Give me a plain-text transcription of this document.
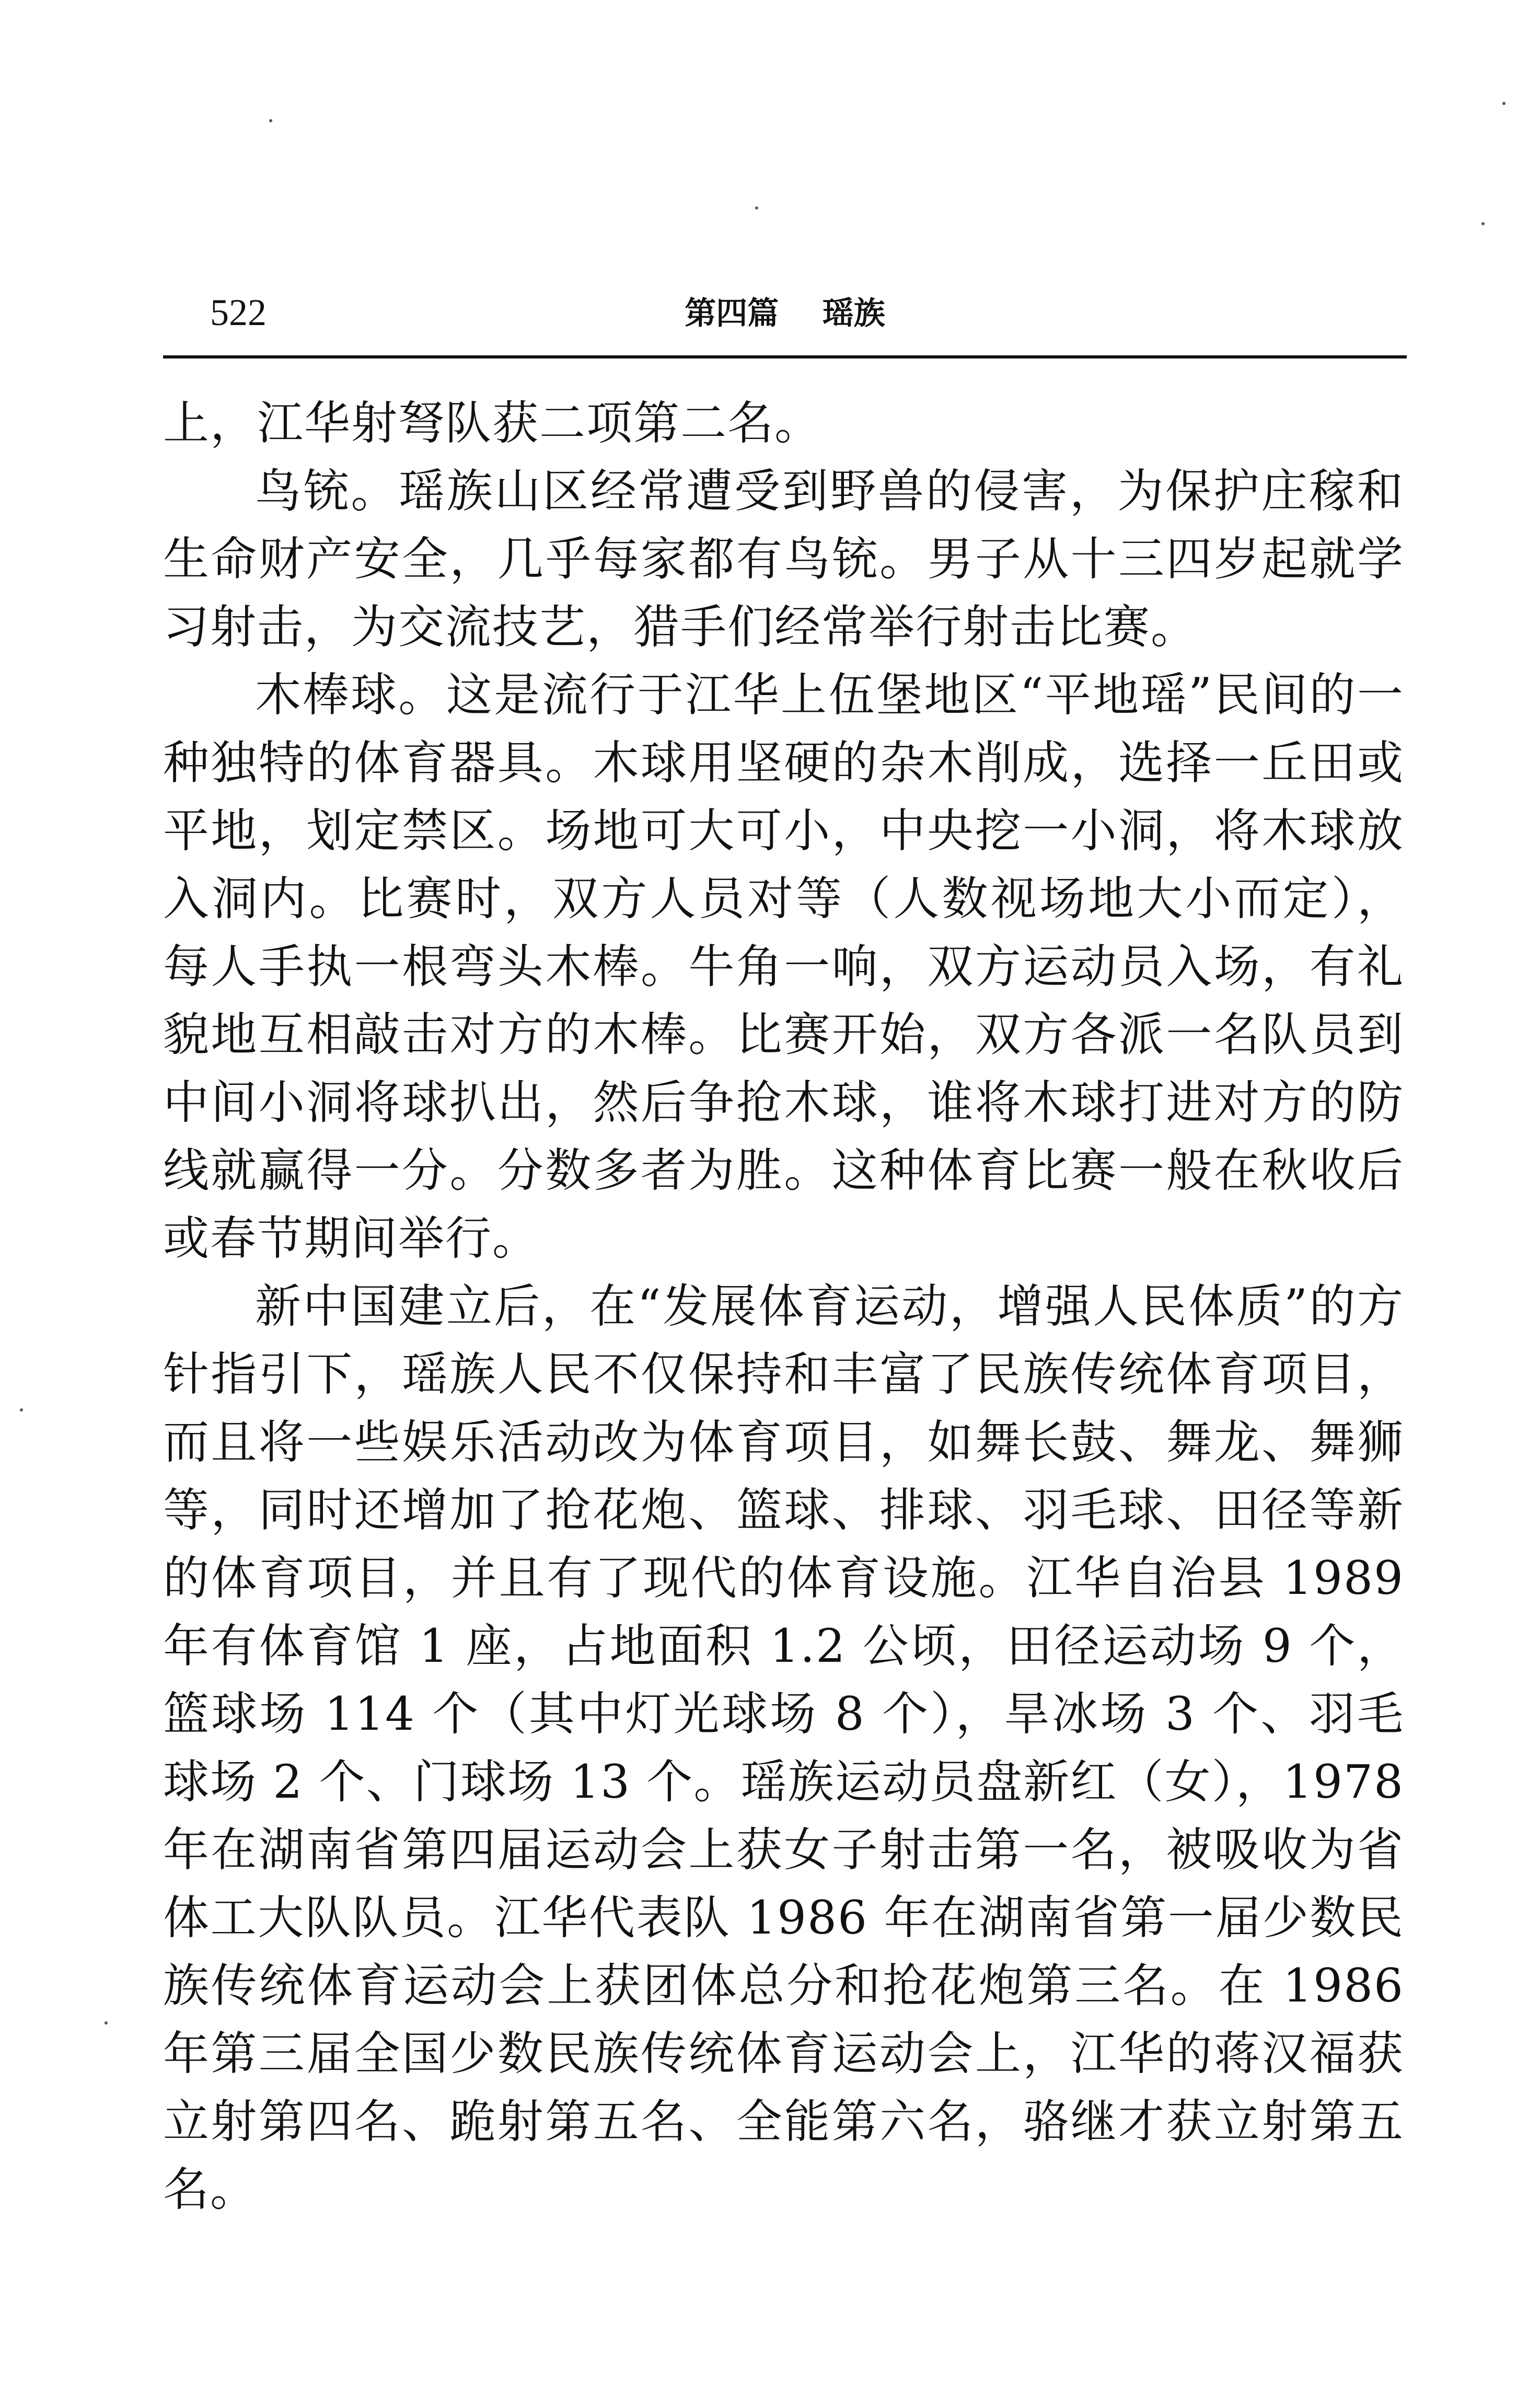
522	第四篇    瑶族

上，江华射弩队获二项第二名。

鸟铳。瑶族山区经常遭受到野兽的侵害，为保护庄稼和生命财产安全，几乎每家都有鸟铳。男子从十三四岁起就学习射击，为交流技艺，猎手们经常举行射击比赛。

木棒球。这是流行于江华上伍堡地区“平地瑶”民间的一种独特的体育器具。木球用坚硬的杂木削成，选择一丘田或平地，划定禁区。场地可大可小，中央挖一小洞，将木球放入洞内。比赛时，双方人员对等（人数视场地大小而定），每人手执一根弯头木棒。牛角一响，双方运动员入场，有礼貌地互相敲击对方的木棒。比赛开始，双方各派一名队员到中间小洞将球扒出，然后争抢木球，谁将木球打进对方的防线就赢得一分。分数多者为胜。这种体育比赛一般在秋收后或春节期间举行。

新中国建立后，在“发展体育运动，增强人民体质”的方针指引下，瑶族人民不仅保持和丰富了民族传统体育项目，而且将一些娱乐活动改为体育项目，如舞长鼓、舞龙、舞狮等，同时还增加了抢花炮、篮球、排球、羽毛球、田径等新的体育项目，并且有了现代的体育设施。江华自治县 1989 年有体育馆 1 座，占地面积 1.2 公顷，田径运动场 9 个，篮球场 114 个（其中灯光球场 8 个），旱冰场 3 个、羽毛球场 2 个、门球场 13 个。瑶族运动员盘新红（女），1978 年在湖南省第四届运动会上获女子射击第一名，被吸收为省体工大队队员。江华代表队 1986 年在湖南省第一届少数民族传统体育运动会上获团体总分和抢花炮第三名。在 1986 年第三届全国少数民族传统体育运动会上，江华的蒋汉福获立射第四名、跪射第五名、全能第六名，骆继才获立射第五名。
